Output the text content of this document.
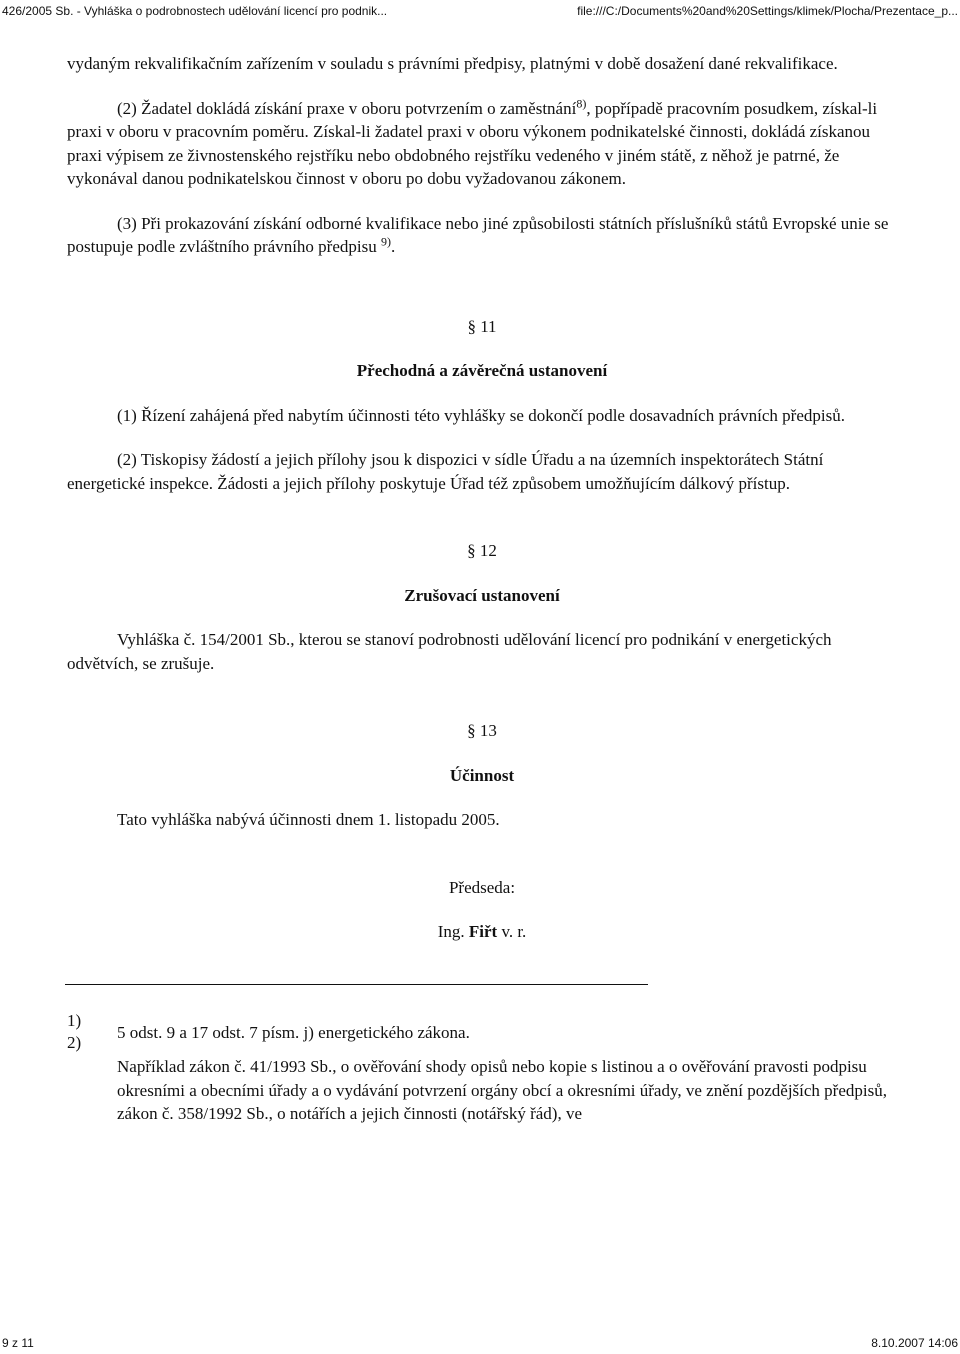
426/2005 Sb. - Vyhláška o podrobnostech udělování licencí pro podnik...	file:///C:/Documents%20and%20Settings/klimek/Plocha/Prezentace_p...

vydaným rekvalifikačním zařízením v souladu s právními předpisy, platnými v době dosažení dané rekvalifikace.

(2) Žadatel dokládá získání praxe v oboru potvrzením o zaměstnání$^{8)}$, popřípadě pracovním posudkem, získal-li praxi v oboru v pracovním poměru. Získal-li žadatel praxi v oboru výkonem podnikatelské činnosti, dokládá získanou praxi výpisem ze živnostenského rejstříku nebo obdobného rejstříku vedeného v jiném státě, z něhož je patrné, že vykonával danou podnikatelskou činnost v oboru po dobu vyžadovanou zákonem.

(3) Při prokazování získání odborné kvalifikace nebo jiné způsobilosti státních příslušníků států Evropské unie se postupuje podle zvláštního právního předpisu $^{9)}$.

§ 11

Přechodná a závěrečná ustanovení

(1) Řízení zahájená před nabytím účinnosti této vyhlášky se dokončí podle dosavadních právních předpisů.

(2) Tiskopisy žádostí a jejich přílohy jsou k dispozici v sídle Úřadu a na územních inspektorátech Státní energetické inspekce. Žádosti a jejich přílohy poskytuje Úřad též způsobem umožňujícím dálkový přístup.

§ 12

Zrušovací ustanovení

Vyhláška č. 154/2001 Sb., kterou se stanoví podrobnosti udělování licencí pro podnikání v energetických odvětvích, se zrušuje.

§ 13

Účinnost

Tato vyhláška nabývá účinnosti dnem 1. listopadu 2005.

Předseda:

Ing. Fiřt v. r.

1)
5 odst. 9 a 17 odst. 7 písm. j) energetického zákona.
2)
Například zákon č. 41/1993 Sb., o ověřování shody opisů nebo kopie s listinou a o ověřování pravosti podpisu okresními a obecními úřady a o vydávání potvrzení orgány obcí a okresními úřady, ve znění pozdějších předpisů, zákon č. 358/1992 Sb., o notářích a jejich činnosti (notářský řád), ve
9 z 11	8.10.2007 14:06
